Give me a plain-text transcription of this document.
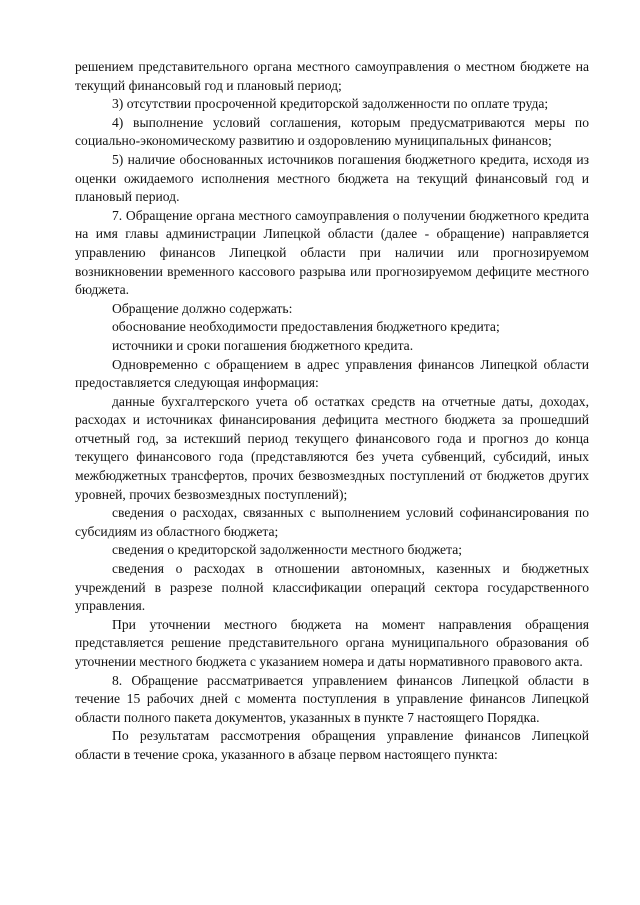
решением представительного органа местного самоуправления о местном бюджете на текущий финансовый год и плановый период;

3) отсутствии просроченной кредиторской задолженности по оплате труда;

4) выполнение условий соглашения, которым предусматриваются меры по социально-экономическому развитию и оздоровлению муниципальных финансов;

5) наличие обоснованных источников погашения бюджетного кредита, исходя из оценки ожидаемого исполнения местного бюджета на текущий финансовый год и плановый период.

7. Обращение органа местного самоуправления о получении бюджетного кредита на имя главы администрации Липецкой области (далее - обращение) направляется управлению финансов Липецкой области при наличии или прогнозируемом возникновении временного кассового разрыва или прогнозируемом дефиците местного бюджета.

Обращение должно содержать:

обоснование необходимости предоставления бюджетного кредита;

источники и сроки погашения бюджетного кредита.

Одновременно с обращением в адрес управления финансов Липецкой области предоставляется следующая информация:

данные бухгалтерского учета об остатках средств на отчетные даты, доходах, расходах и источниках финансирования дефицита местного бюджета за прошедший отчетный год, за истекший период текущего финансового года и прогноз до конца текущего финансового года (представляются без учета субвенций, субсидий, иных межбюджетных трансфертов, прочих безвозмездных поступлений от бюджетов других уровней, прочих безвозмездных поступлений);

сведения о расходах, связанных с выполнением условий софинансирования по субсидиям из областного бюджета;

сведения о кредиторской задолженности местного бюджета;

сведения о расходах в отношении автономных, казенных и бюджетных учреждений в разрезе полной классификации операций сектора государственного управления.

При уточнении местного бюджета на момент направления обращения представляется решение представительного органа муниципального образования об уточнении местного бюджета с указанием номера и даты нормативного правового акта.

8. Обращение рассматривается управлением финансов Липецкой области в течение 15 рабочих дней с момента поступления в управление финансов Липецкой области полного пакета документов, указанных в пункте 7 настоящего Порядка.

По результатам рассмотрения обращения управление финансов Липецкой области в течение срока, указанного в абзаце первом настоящего пункта:
